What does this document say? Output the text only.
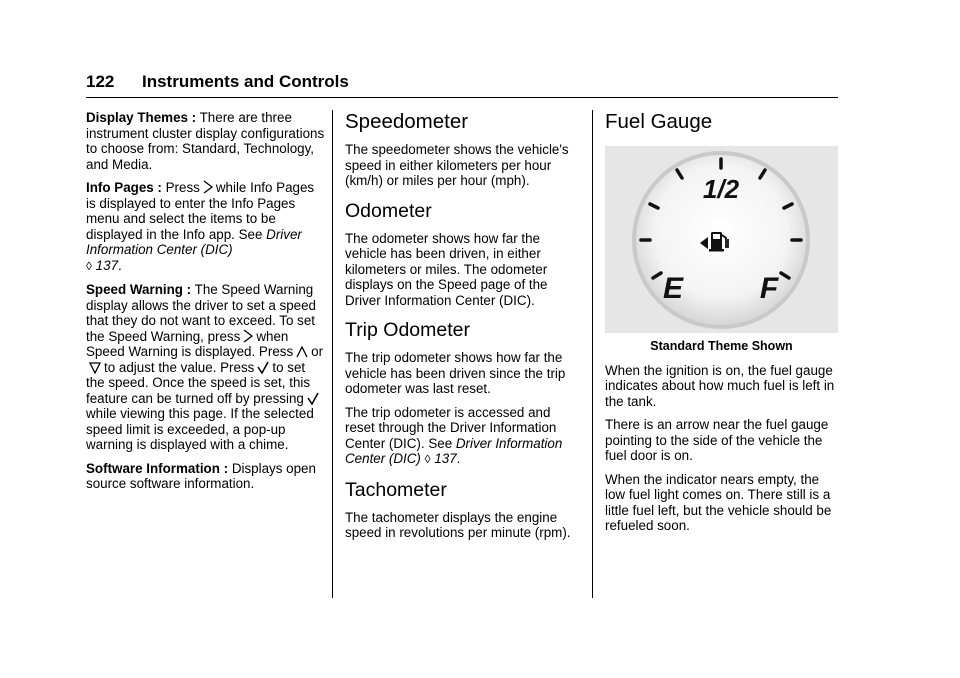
122 Instruments and Controls

Display Themes : There are three instrument cluster display configurations to choose from: Standard, Technology, and Media.

Info Pages : Press while Info Pages is displayed to enter the Info Pages menu and select the items to be displayed in the Info app. See Driver Information Center (DIC)
◊ 137.

Speed Warning : The Speed Warning display allows the driver to set a speed that they do not want to exceed. To set the Speed Warning, press when Speed Warning is displayed. Press or
to adjust the value. Press to set the speed. Once the speed is set, this feature can be turned off by pressing
while viewing this page. If the selected speed limit is exceeded, a pop-up warning is displayed with a chime.

Software Information : Displays open source software information.

Speedometer

The speedometer shows the vehicle's speed in either kilometers per hour (km/h) or miles per hour (mph).

Odometer

The odometer shows how far the vehicle has been driven, in either kilometers or miles. The odometer displays on the Speed page of the Driver Information Center (DIC).

Trip Odometer

The trip odometer shows how far the vehicle has been driven since the trip odometer was last reset.

The trip odometer is accessed and reset through the Driver Information Center (DIC). See Driver Information Center (DIC) ◊ 137.

Tachometer

The tachometer displays the engine speed in revolutions per minute (rpm).

Fuel Gauge
1/2
E	F

Standard Theme Shown

When the ignition is on, the fuel gauge indicates about how much fuel is left in the tank.

There is an arrow near the fuel gauge pointing to the side of the vehicle the fuel door is on.

When the indicator nears empty, the low fuel light comes on. There still is a little fuel left, but the vehicle should be refueled soon.
